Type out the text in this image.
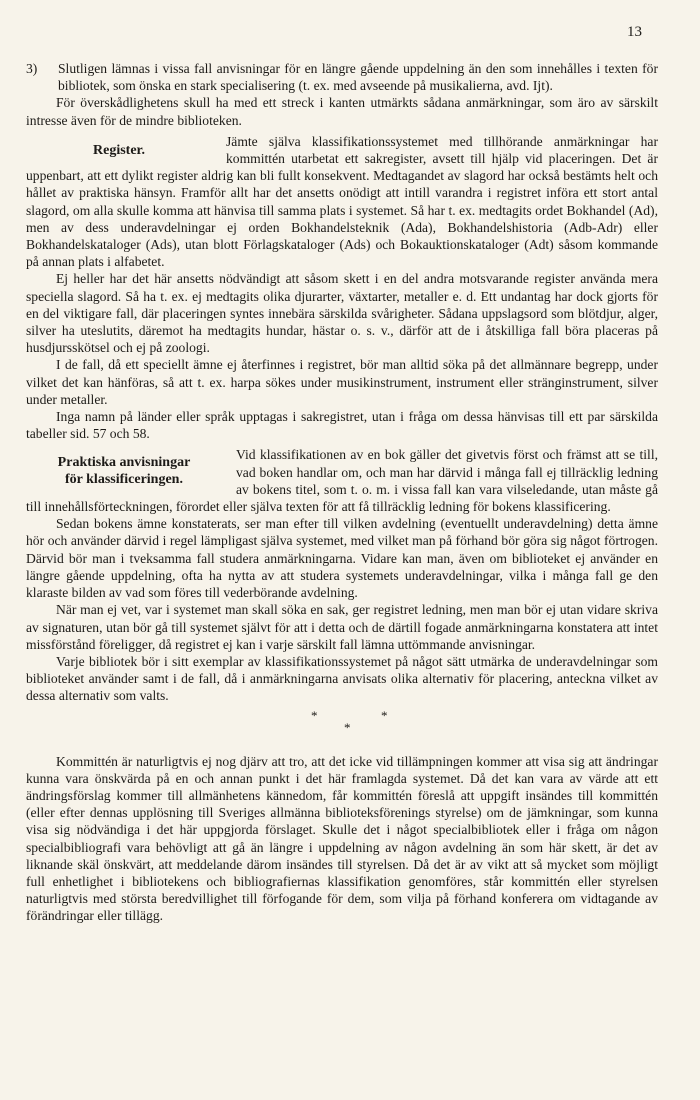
13
3)	Slutligen lämnas i vissa fall anvisningar för en längre gående uppdelning än den som innehålles i texten för bibliotek, som önska en stark specialisering (t. ex. med avseende på musikalierna, avd. Ijt).

För överskådlighetens skull ha med ett streck i kanten utmärkts sådana anmärkningar, som äro av särskilt intresse även för de mindre biblioteken.

Register.

Jämte själva klassifikationssystemet med tillhörande anmärkningar har kommittén utarbetat ett sakregister, avsett till hjälp vid placeringen. Det är uppenbart, att ett dylikt register aldrig kan bli fullt konsekvent. Medtagandet av slagord har också bestämts helt och hållet av praktiska hänsyn. Framför allt har det ansetts onödigt att intill varandra i registret införa ett stort antal slagord, om alla skulle komma att hänvisa till samma plats i systemet. Så har t. ex. medtagits ordet Bokhandel (Ad), men av dess underavdelningar ej orden Bokhandelsteknik (Ada), Bokhandelshistoria (Adb-Adr) eller Bokhandelskataloger (Ads), utan blott Förlagskataloger (Ads) och Bokauktionskataloger (Adt) såsom kommande på annan plats i alfabetet.

Ej heller har det här ansetts nödvändigt att såsom skett i en del andra motsvarande register använda mera speciella slagord. Så ha t. ex. ej medtagits olika djurarter, växtarter, metaller e. d. Ett undantag har dock gjorts för en del viktigare fall, där placeringen syntes innebära särskilda svårigheter. Sådana uppslagsord som blötdjur, alger, silver ha uteslutits, däremot ha medtagits hundar, hästar o. s. v., därför att de i åtskilliga fall böra placeras på husdjursskötsel och ej på zoologi.

I de fall, då ett speciellt ämne ej återfinnes i registret, bör man alltid söka på det allmännare begrepp, under vilket det kan hänföras, så att t. ex. harpa sökes under musikinstrument, instrument eller stränginstrument, silver under metaller.

Inga namn på länder eller språk upptagas i sakregistret, utan i fråga om dessa hänvisas till ett par särskilda tabeller sid. 57 och 58.

Praktiska anvisningar
för klassificeringen.

Vid klassifikationen av en bok gäller det givetvis först och främst att se till, vad boken handlar om, och man har därvid i många fall ej tillräcklig ledning av bokens titel, som t. o. m. i vissa fall kan vara vilseledande, utan måste gå till innehållsförteckningen, förordet eller själva texten för att få tillräcklig ledning för bokens klassificering.

Sedan bokens ämne konstaterats, ser man efter till vilken avdelning (eventuellt underavdelning) detta ämne hör och använder därvid i regel lämpligast själva systemet, med vilket man på förhand bör göra sig något förtrogen. Därvid bör man i tveksamma fall studera anmärkningarna. Vidare kan man, även om biblioteket ej använder en längre gående uppdelning, ofta ha nytta av att studera systemets underavdelningar, vilka i många fall ge den klaraste bilden av vad som föres till vederbörande avdelning.

När man ej vet, var i systemet man skall söka en sak, ger registret ledning, men man bör ej utan vidare skriva av signaturen, utan bör gå till systemet självt för att i detta och de därtill fogade anmärkningarna konstatera att intet missförstånd föreligger, då registret ej kan i varje särskilt fall lämna uttömmande anvisningar.

Varje bibliotek bör i sitt exemplar av klassifikationssystemet på något sätt utmärka de underavdelningar som biblioteket använder samt i de fall, då i anmärkningarna anvisats olika alternativ för placering, anteckna vilket av dessa alternativ som valts.

*	*
*

Kommittén är naturligtvis ej nog djärv att tro, att det icke vid tillämpningen kommer att visa sig att ändringar kunna vara önskvärda på en och annan punkt i det här framlagda systemet. Då det kan vara av värde att ett ändringsförslag kommer till allmänhetens kännedom, får kommittén föreslå att uppgift insändes till kommittén (eller efter dennas upplösning till Sveriges allmänna biblioteksförenings styrelse) om de jämkningar, som kunna visa sig nödvändiga i det här uppgjorda förslaget. Skulle det i något specialbibliotek eller i fråga om någon specialbibliografi vara behövligt att gå än längre i uppdelning av någon avdelning än som här skett, är det av liknande skäl önskvärt, att meddelande därom insändes till styrelsen. Då det är av vikt att så mycket som möjligt full enhetlighet i bibliotekens och bibliografiernas klassifikation genomföres, står kommittén eller styrelsen naturligtvis med största beredvillighet till förfogande för dem, som vilja på förhand konferera om vidtagande av förändringar eller tillägg.
